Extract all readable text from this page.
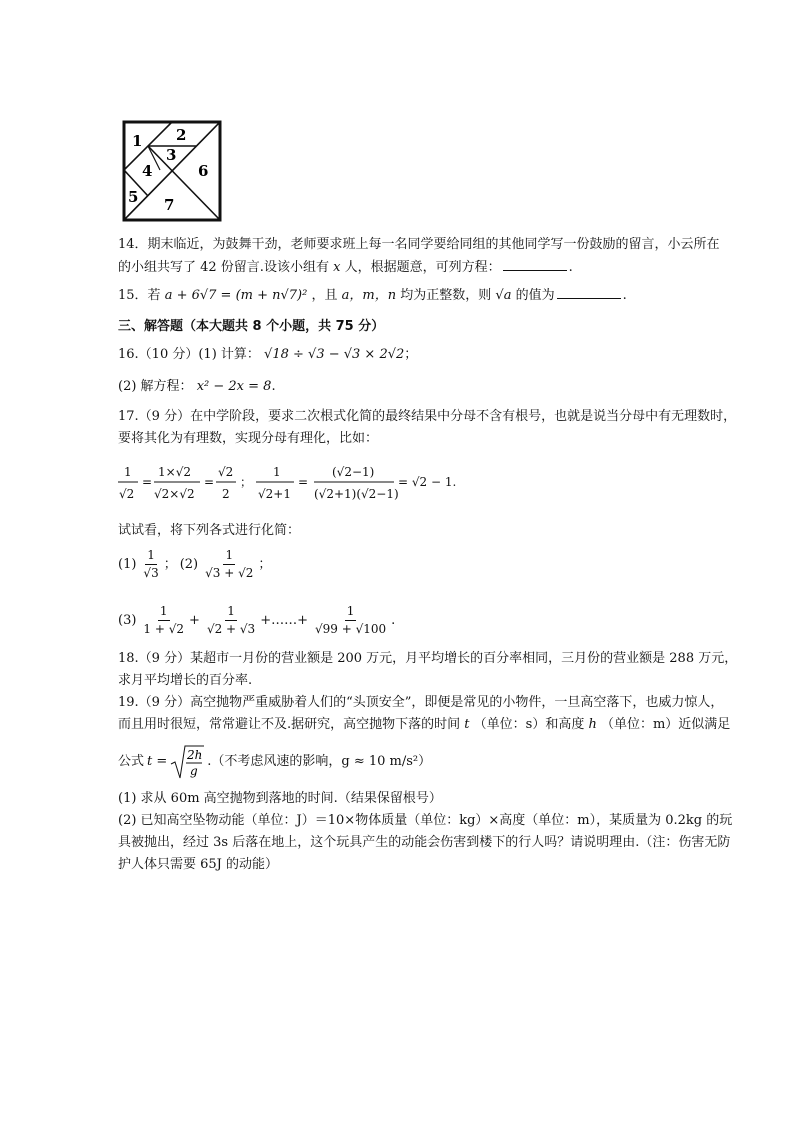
1 2
3
4
5
6
7
14．期末临近，为鼓舞干劲，老师要求班上每一名同学要给同组的其他同学写一份鼓励的留言，小云所在
的小组共写了 42 份留言.设该小组有 x 人，根据题意，可列方程：	.
15．若 a + 6√7 = (m + n√7)² ，且 a，m，n 均为正整数，则 √a 的值为	.
三、解答题（本大题共 8 个小题，共 75 分）
16.（10 分）(1) 计算： √18 ÷ √3 − √3 × 2√2；
(2) 解方程： x² − 2x = 8.
17.（9 分）在中学阶段，要求二次根式化简的最终结果中分母不含有根号，也就是说当分母中有无理数时，
要将其化为有理数，实现分母有理化，比如：
1
√2
=
1×√2
√2×√2
=
√2
2
；
1
√2+1
=
(√2−1)
(√2+1)(√2−1)
= √2 − 1.
试试看，将下列各式进行化简：
$(1) \frac{1}{√3}$ ； $(2) \frac{1}{√3 + √2}$ ；
$(3) \frac{1}{1 + √2} + \frac{1}{√2 + √3}$ +……+ $\frac{1}{√99 + √100}$ .
18.（9 分）某超市一月份的营业额是 200 万元，月平均增长的百分率相同，三月份的营业额是 288 万元，
求月平均增长的百分率.
19.（9 分）高空抛物严重威胁着人们的“头顶安全”，即便是常见的小物件，一旦高空落下，也威力惊人，
而且用时很短，常常避让不及.据研究，高空抛物下落的时间 t （单位：s）和高度 h （单位：m）近似满足
公式 t = 2h
g
.（不考虑风速的影响，g ≈ 10 m/s²）
(1) 求从 60m 高空抛物到落地的时间.（结果保留根号）
(2) 已知高空坠物动能（单位：J）＝10×物体质量（单位：kg）×高度（单位：m），某质量为 0.2kg 的玩
具被抛出，经过 3s 后落在地上，这个玩具产生的动能会伤害到楼下的行人吗？请说明理由.（注：伤害无防
护人体只需要 65J 的动能）
